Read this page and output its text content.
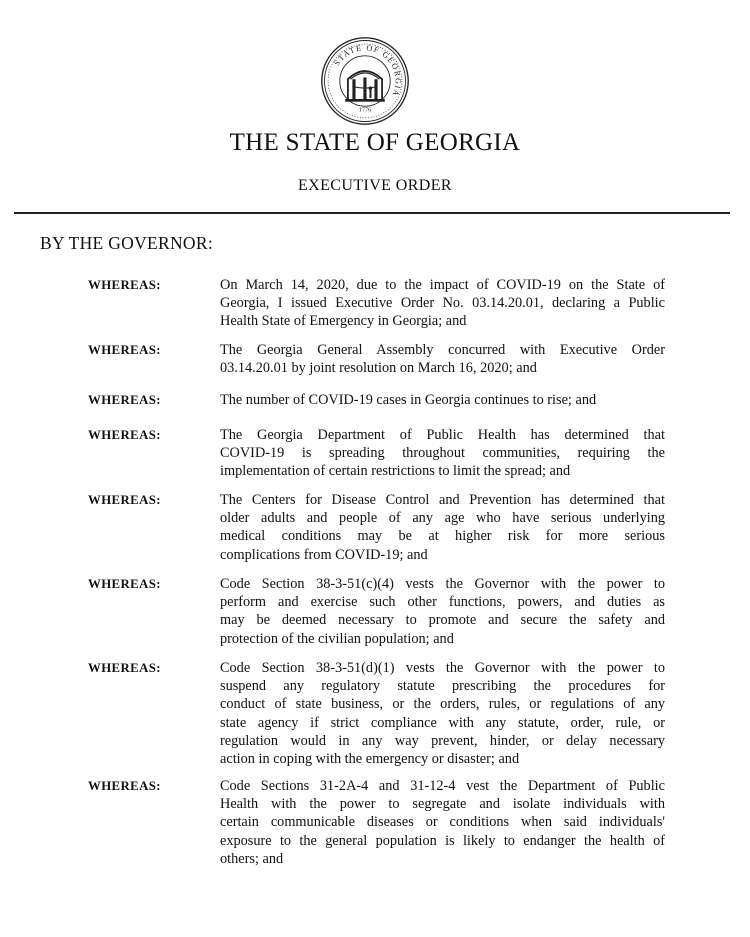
STATE OF GEORGIA
1776
THE STATE OF GEORGIA
EXECUTIVE ORDER
BY THE GOVERNOR:
WHEREAS:	On March 14, 2020, due to the impact of COVID-19 on the State of
Georgia, I issued Executive Order No. 03.14.20.01, declaring a Public
Health State of Emergency in Georgia; and
WHEREAS:	The Georgia General Assembly concurred with Executive Order
03.14.20.01 by joint resolution on March 16, 2020; and
WHEREAS:	The number of COVID-19 cases in Georgia continues to rise; and
WHEREAS:	The Georgia Department of Public Health has determined that
COVID-19 is spreading throughout communities, requiring the
implementation of certain restrictions to limit the spread; and
WHEREAS:	The Centers for Disease Control and Prevention has determined that
older adults and people of any age who have serious underlying
medical conditions may be at higher risk for more serious
complications from COVID-19; and
WHEREAS:	Code Section 38-3-51(c)(4) vests the Governor with the power to
perform and exercise such other functions, powers, and duties as
may be deemed necessary to promote and secure the safety and
protection of the civilian population; and
WHEREAS:	Code Section 38-3-51(d)(1) vests the Governor with the power to
suspend any regulatory statute prescribing the procedures for
conduct of state business, or the orders, rules, or regulations of any
state agency if strict compliance with any statute, order, rule, or
regulation would in any way prevent, hinder, or delay necessary
action in coping with the emergency or disaster; and
WHEREAS:	Code Sections 31-2A-4 and 31-12-4 vest the Department of Public
Health with the power to segregate and isolate individuals with
certain communicable diseases or conditions when said individuals'
exposure to the general population is likely to endanger the health of
others; and
